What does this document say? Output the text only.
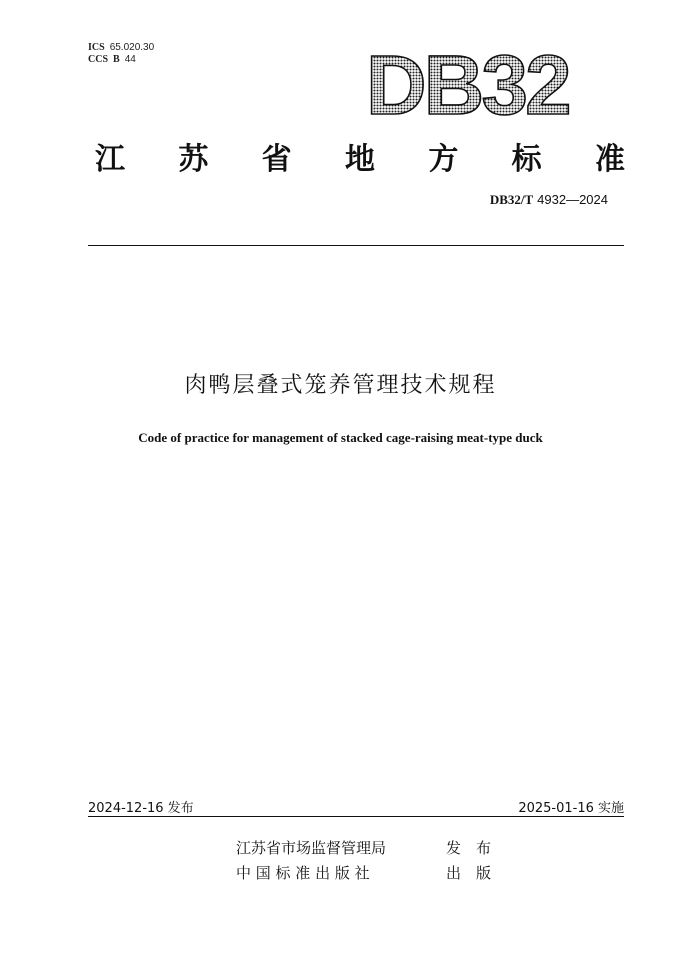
ICS 65.020.30
CCS B 44	DB32
江 苏 省 地 方 标 准
DB32/T 4932—2024
肉鸭层叠式笼养管理技术规程
Code of practice for management of stacked cage-raising meat-type duck
2024-12-16 发布	2025-01-16 实施
江苏省市场监督管理局	发　布
中 国 标 准 出 版 社	出　版
